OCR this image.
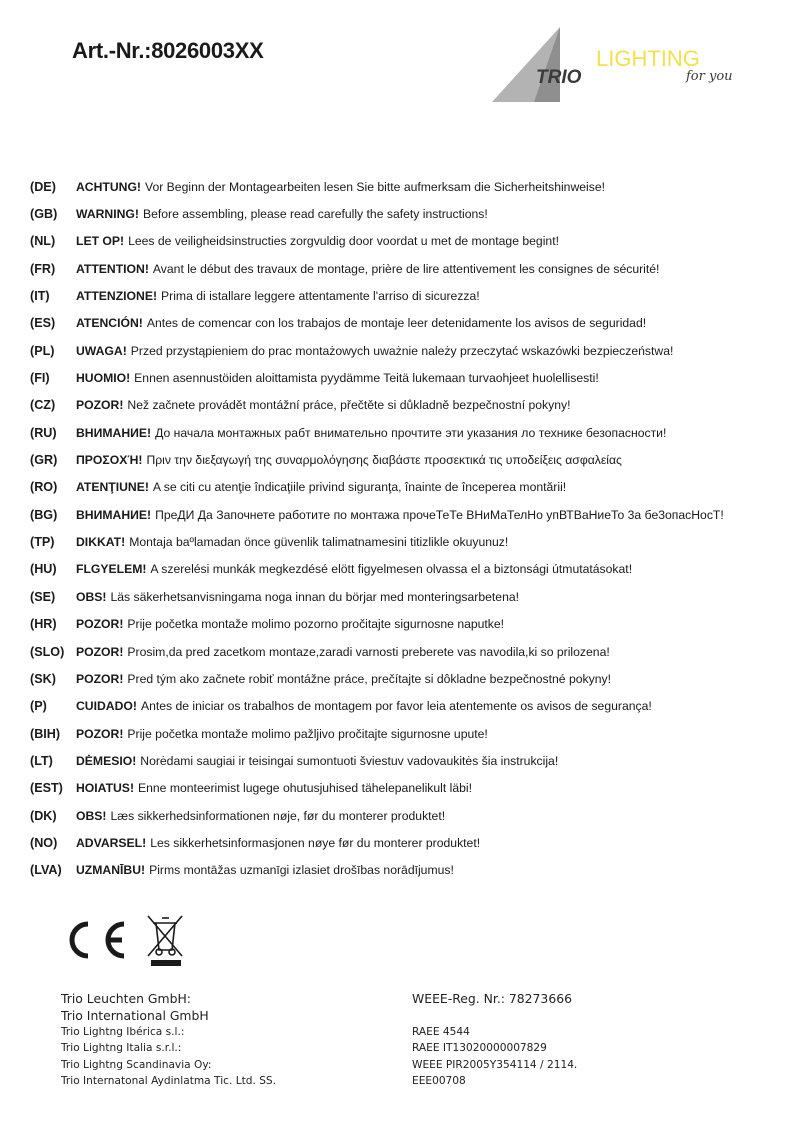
Art.-Nr.:8026003XX
TRIO
LIGHTING
for you
(DE)	ACHTUNG! Vor Beginn der Montagearbeiten lesen Sie bitte aufmerksam die Sicherheitshinweise!
(GB)	WARNING! Before assembling, please read carefully the safety instructions!
(NL)	LET OP! Lees de veiligheidsinstructies zorgvuldig door voordat u met de montage begint!
(FR)	ATTENTION! Avant le début des travaux de montage, prière de lire attentivement les consignes de sécurité!
(IT)	ATTENZIONE! Prima di istallare leggere attentamente l'arriso di sicurezza!
(ES)	ATENCIÓN! Antes de comencar con los trabajos de montaje leer detenidamente los avisos de seguridad!
(PL)	UWAGA! Przed przystąpieniem do prac montażowych uważnie należy przeczytać wskazówki bezpieczeństwa!
(FI)	HUOMIO! Ennen asennustöiden aloittamista pyydämme Teitä lukemaan turvaohjeet huolellisesti!
(CZ)	POZOR! Než začnete provádět montážní práce, přečtěte si důkladně bezpečnostní pokyny!
(RU)	ВНИМАНИЕ! До начала монтажных рабт внимательно прочтите эти указания ло технике безопасности!
(GR)	ΠΡΟΣΟΧΉ! Πριν την διεξαγωγή της συναρμολόγησης διαβάστε προσεκτικά τις υποδείξεις ασφαλείας
(RO)	ATENŢIUNE! A se citi cu atenţie îndicaţiile privind siguranţa, înainte de începerea montării!
(BG)	ВНИМАНИЕ! ПреДИ Да Започнете работите по монтажа прочеТеТе ВНиМаТелНо упВТВаНиеТо 3а бе3опасНосТ!
(TP)	DIKKAT! Montaja baºlamadan önce güvenlik talimatnamesini titizlikle okuyunuz!
(HU)	FLGYELEM! A szerelési munkák megkezdésé elött figyelmesen olvassa el a biztonsági útmutatásokat!
(SE)	OBS! Läs säkerhetsanvisningama noga innan du börjar med monteringsarbetena!
(HR)	POZOR! Prije početka montaže molimo pozorno pročitajte sigurnosne naputke!
(SLO) POZOR! Prosim,da pred zacetkom montaze,zaradi varnosti preberete vas navodila,ki so prilozena!
(SK)	POZOR! Pred tým ako začnete robiť montážne práce, prečítajte si dôkladne bezpečnostné pokyny!
(P)	CUIDADO! Antes de iniciar os trabalhos de montagem por favor leia atentemente os avisos de segurança!
(BIH)	POZOR! Prije početka montaže molimo pažljivo pročitajte sigurnosne upute!
(LT)	DĖMESIO! Norėdami saugiai ir teisingai sumontuoti šviestuv vadovaukitės šia instrukcija!
(EST)	HOIATUS! Enne monteerimist lugege ohutusjuhised tähelepanelikult läbi!
(DK)	OBS! Læs sikkerhedsinformationen nøje, før du monterer produktet!
(NO)	ADVARSEL! Les sikkerhetsinformasjonen nøye før du monterer produktet!
(LVA)	UZMANĪBU! Pirms montāžas uzmanīgi izlasiet drošības norādījumus!
Trio Leuchten GmbH:
Trio International GmbH
Trio Lightng Ibérica s.l.:
Trio Lightng Italia s.r.l.:
Trio Lightng Scandinavia Oy:
Trio Internatonal Aydinlatma Tic. Ltd. SS.
WEEE-Reg. Nr.: 78273666
RAEE 4544
RAEE IT13020000007829
WEEE PIR2005Y354114 / 2114.
EEE00708
